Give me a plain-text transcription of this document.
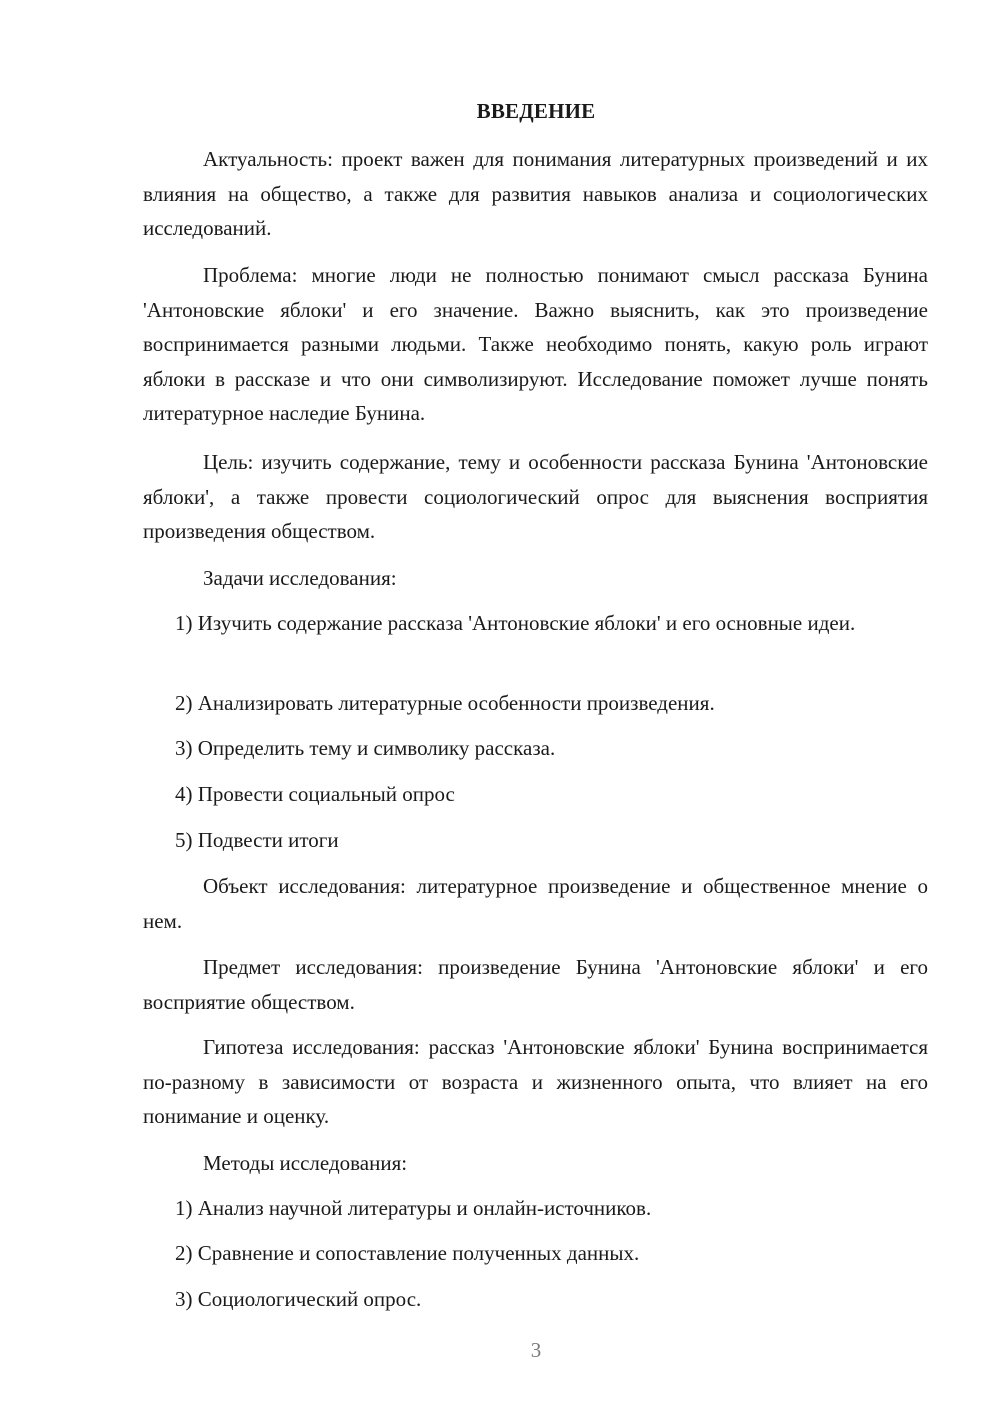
ВВЕДЕНИЕ

Актуальность: проект важен для понимания литературных произведений и их влияния на общество, а также для развития навыков анализа и социологических исследований.

Проблема: многие люди не полностью понимают смысл рассказа Бунина 'Антоновские яблоки' и его значение. Важно выяснить, как это произведение воспринимается разными людьми. Также необходимо понять, какую роль играют яблоки в рассказе и что они символизируют. Исследование поможет лучше понять литературное наследие Бунина.

Цель: изучить содержание, тему и особенности рассказа Бунина 'Антоновские яблоки', а также провести социологический опрос для выяснения восприятия произведения обществом.

Задачи исследования:

1) Изучить содержание рассказа 'Антоновские яблоки' и его основные идеи.

2) Анализировать литературные особенности произведения.

3) Определить тему и символику рассказа.

4) Провести социальный опрос

5) Подвести итоги

Объект исследования: литературное произведение и общественное мнение о нем.

Предмет исследования: произведение Бунина 'Антоновские яблоки' и его восприятие обществом.

Гипотеза исследования: рассказ 'Антоновские яблоки' Бунина воспринимается по-разному в зависимости от возраста и жизненного опыта, что влияет на его понимание и оценку.

Методы исследования:

1) Анализ научной литературы и онлайн-источников.

2) Сравнение и сопоставление полученных данных.

3) Социологический опрос.

3
